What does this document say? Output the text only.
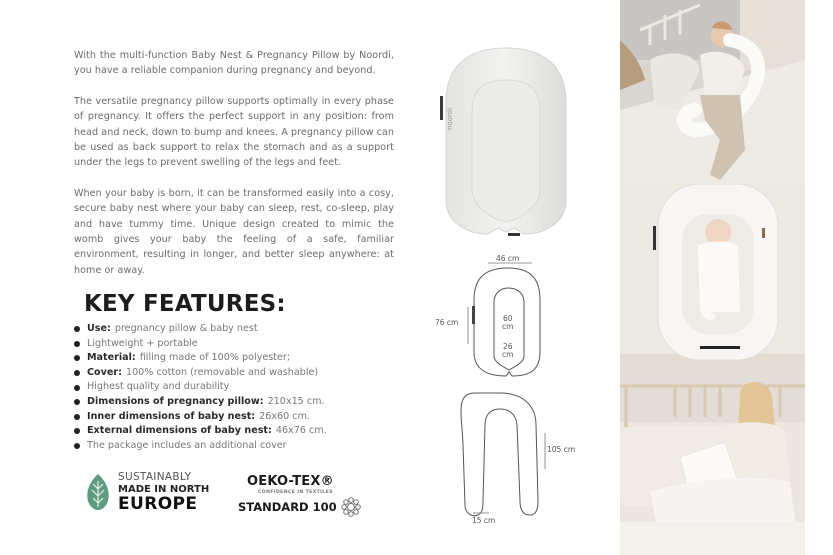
With the multi-function Baby Nest & Pregnancy Pillow by Noordi, you have a reliable companion during pregnancy and beyond.

The versatile pregnancy pillow supports optimally in every phase of pregnancy. It offers the perfect support in any position: from head and neck, down to bump and knees. A pregnancy pillow can be used as back support to relax the stomach and as a support under the legs to prevent swelling of the legs and feet.

When your baby is born, it can be transformed easily into a cosy, secure baby nest where your baby can sleep, rest, co-sleep, play and have tummy time. Unique design created to mimic the womb gives your baby the feeling of a safe, familiar environment, resulting in longer, and better sleep anywhere: at home or away.

KEY FEATURES:
Use: pregnancy pillow & baby nest
Lightweight + portable
Material: filling made of 100% polyester;
Cover: 100% cotton (removable and washable)
Highest quality and durability
Dimensions of pregnancy pillow: 210x15 cm.
Inner dimensions of baby nest: 26x60 cm.
External dimensions of baby nest: 46x76 cm.
The package includes an additional cover
SUSTAINABLY
MADE IN NORTH
EUROPE
OEKO-TEX®
CONFIDENCE IN TEXTILES
STANDARD 100
noordi
46 cm
76 cm	60
cm
26
cm
105 cm
15 cm
